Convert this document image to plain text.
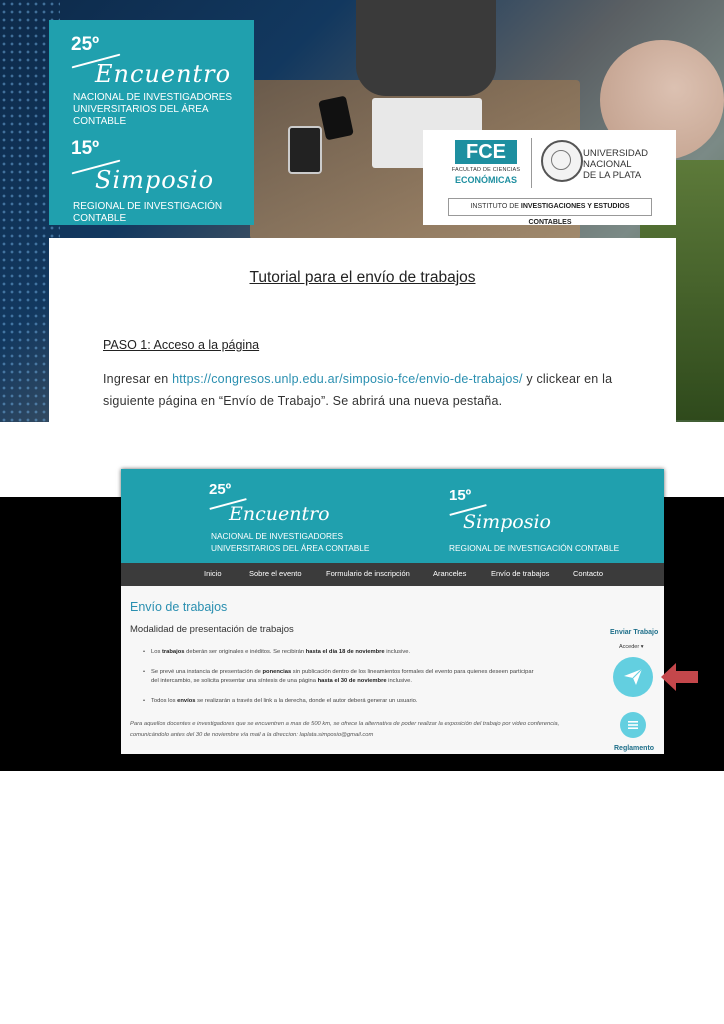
25º
Encuentro
NACIONAL DE INVESTIGADORES
UNIVERSITARIOS DEL ÁREA CONTABLE
15º
Simposio
REGIONAL DE INVESTIGACIÓN CONTABLE
FCE
FACULTAD DE CIENCIAS
ECONÓMICAS
UNIVERSIDAD
NACIONAL
DE LA PLATA
INSTITUTO DE INVESTIGACIONES Y ESTUDIOS CONTABLES
Tutorial para el envío de trabajos
PASO 1: Acceso a la página
Ingresar en https://congresos.unlp.edu.ar/simposio-fce/envio-de-trabajos/ y clickear en la siguiente página en “Envío de Trabajo”. Se abrirá una nueva pestaña.
25º
Encuentro
NACIONAL DE INVESTIGADORES
UNIVERSITARIOS DEL ÁREA CONTABLE
15º
Simposio
REGIONAL DE INVESTIGACIÓN CONTABLE
Inicio	Sobre el evento	Formulario de inscripción	Aranceles	Envío de trabajos	Contacto
Envío de trabajos
Modalidad de presentación de trabajos
• Los trabajos deberán ser originales e inéditos. Se recibirán hasta el día 18 de noviembre inclusive.
• Se prevé una instancia de presentación de ponencias sin publicación dentro de los lineamientos formales del evento para quienes deseen participar del intercambio, se solicita presentar una síntesis de una página hasta el 30 de noviembre inclusive.
• Todos los envíos se realizarán a través del link a la derecha, donde el autor deberá generar un usuario.
Para aquellos docentes e investigadores que se encuentren a mas de 500 km, se ofrece la alternativa de poder realizar la exposición del trabajo por video conferencia, comunicándolo antes del 30 de noviembre vía mail a la direccion: laplata.simposio@gmail.com
Enviar Trabajo
Acceder ▾
Reglamento
